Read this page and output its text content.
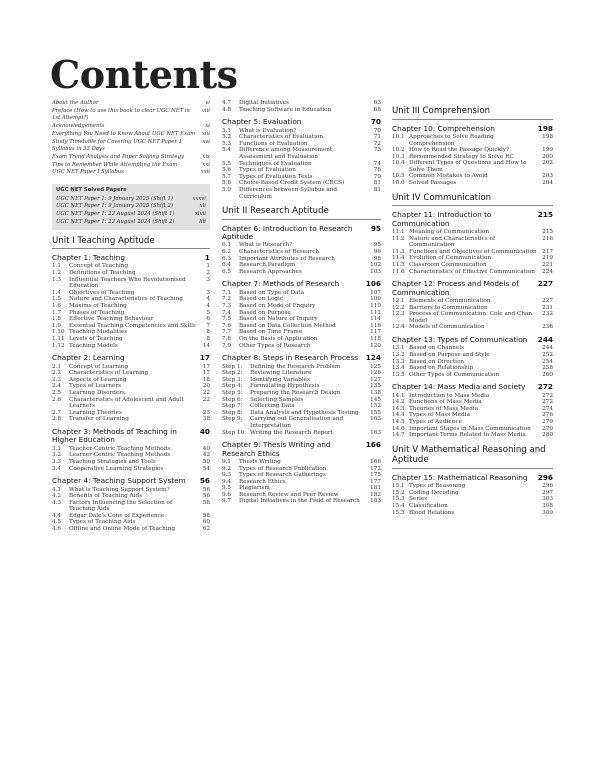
Contents
About the Author	vi
Preface (How to use this book to clear UGC NET in 1st Attempt?)
viii
Acknowledgements	xi
Everything You Need to Know About UGC NET Exam	xiii
Study Timetable for Covering UGC NET Paper 1 Syllabus in 33 Days
xvi
Exam Trend Analysis and Paper Solving Strategy	xix
Tips to Remember While Attempting the Exam	xxi
UGC NET Paper I Syllabus	xxii
UGC NET Solved Papers
UGC NET Paper 1: 9 January 2025 (Shift 1)	xxxvi
UGC NET Paper 1: 9 January 2025 (Shift 2)	xli
UGC NET Paper 1: 22 August 2024 (Shift 1)	xlvii
UGC NET Paper 1: 22 August 2024 (Shift 2)	liii
Unit I Teaching Aptitude
Chapter 1: Teaching	1
1.1	Concept of Teaching	1
1.2	Definitions of Teaching	2
1.3	Influential Teachers Who Revolutionised Education
3
1.4	Objectives of Teaching	3
1.5	Nature and Characteristics of Teaching	4
1.6	Maxims of Teaching	4
1.7	Phases of Teaching	5
1.8	Effective Teaching Behaviour	6
1.9	Essential Teaching Competencies and Skills	7
1.10 Teaching Modalities	8
1.11 Levels of Teaching	8
1.12 Teaching Models	14
Chapter 2: Learning	17
2.1	Concept of Learning	17
2.2	Characteristics of Learning	17
2.3	Aspects of Learning	18
2.4	Types of Learners	20
2.5	Learning Disorders	22
2.6	Characteristics of Adolescent and Adult Learners
22
2.7	Learning Theories	23
2.8	Transfer of Learning	38
Chapter 3: Methods of Teaching in Higher Education
40
3.1	Teacher-Centric Teaching Methods	40
3.2	Learner-Centric Teaching Methods	42
3.3	Teaching Strategies and Tools	50
3.4	Cooperative Learning Strategies	54
Chapter 4: Teaching Support System	56
4.1	What is Teaching Support System?	56
4.2	Benefits of Teaching Aids	56
4.3	Factors Influencing the Selection of Teaching Aids
58
4.4	Edgar Dale's Cone of Experience	58
4.5	Types of Teaching Aids	60
4.6	Offline and Online Mode of Teaching	62
4.7	Digital Initiatives	63
4.8	Teaching Software in Education	68
Chapter 5: Evaluation	70
5.1	What is Evaluation?	70
5.2	Characteristics of Evaluation	71
5.3	Functions of Evaluation	72
5.4	Difference among Measurement, Assessment and Evaluation
73
5.5	Techniques of Evaluation	74
5.6	Types of Evaluation	76
5.7	Types of Evaluation Tests	79
5.8	Choice-Based Credit System (CBCS)	81
5.9	Differences between Syllabus and Curriculum
81
Unit II Research Aptitude
Chapter 6: Introduction to Research Aptitude
95
6.1	What is Research?	95
6.2	Characteristics of Research	96
6.3	Important Attributes of Research	98
6.4	Research Paradigm	102
6.5	Research Approaches	103
Chapter 7: Methods of Research	106
7.1	Based on Type of Data	107
7.2	Based on Logic	109
7.3	Based on Mode of Enquiry	110
7.4	Based on Purpose	111
7.5	Based on Nature of Inquiry	114
7.6	Based on Data Collection Method	116
7.7	Based on Time Frame	117
7.8	On the Basis of Application	118
7.9	Other Types of Research	120
Chapter 8: Steps in Research Process	124
Step 1:	Defining the Research Problem	125
Step 2:	Reviewing Literature	126
Step 3:	Identifying Variables	127
Step 4:	Formulating Hypothesis	135
Step 5:	Preparing the Research Design	138
Step 6:	Selecting Samples	145
Step 7:	Collecting Data	152
Step 8:	Data Analysis and Hypothesis Testing	155
Step 9:	Carrying out Generalisation and Interpretation
163
Step 10: Writing the Research Report	163
Chapter 9: Thesis Writing and Research Ethics
166
9.1	Thesis Writing	166
9.2	Types of Research Publication	172
9.3	Types of Research Gatherings	175
9.4	Research Ethics	177
9.5	Plagiarism	181
9.6	Research Review and Peer Review	182
9.7	Digital Initiatives in the Field of Research	183
Unit III Comprehension
Chapter 10: Comprehension	198
10.1 Approaches to Solve Reading Comprehension
198
10.2 How to Read the Passage Quickly?	199
10.3 Recommended Strategy to Solve RC	200
10.4 Different Types of Questions and How to Solve Them
202
10.5 Common Mistakes to Avoid	203
10.6 Solved Passages	204
Unit IV Communication
Chapter 11: Introduction to Communication
215
11.1 Meaning of Communication	215
11.2 Nature and Characteristics of Communication
216
11.3 Functions and Objectives of Communication 217
11.4 Evolution of Communication	219
11.5 Classroom Communication	221
11.6 Characteristics of Effective Communication	224
Chapter 12: Process and Models of Communication
227
12.1 Elements of Communication	227
12.2 Barriers to Communication	231
12.3 Process of Communication: Cole and Chan Model
232
12.4 Models of Communication	236
Chapter 13: Types of Communication	244
13.1 Based on Channels	244
13.2 Based on Purpose and Style	252
13.3 Based on Direction	254
13.4 Based on Relationship	258
13.5 Other Types of Communication	260
Chapter 14: Mass Media and Society	272
14.1 Introduction to Mass Media	272
14.2 Functions of Mass Media	272
14.3 Theories of Mass Media	274
14.4 Types of Mass Media	276
14.5 Types of Audience	279
14.6 Important Stages in Mass Communication	279
14.7 Important Terms Related to Mass Media	280
Unit V Mathematical Reasoning and Aptitude
Chapter 15: Mathematical Reasoning	296
15.1 Types of Reasoning	296
15.2 Coding Decoding	297
15.3 Series	303
15.4 Classification	308
15.5 Blood Relations	309
